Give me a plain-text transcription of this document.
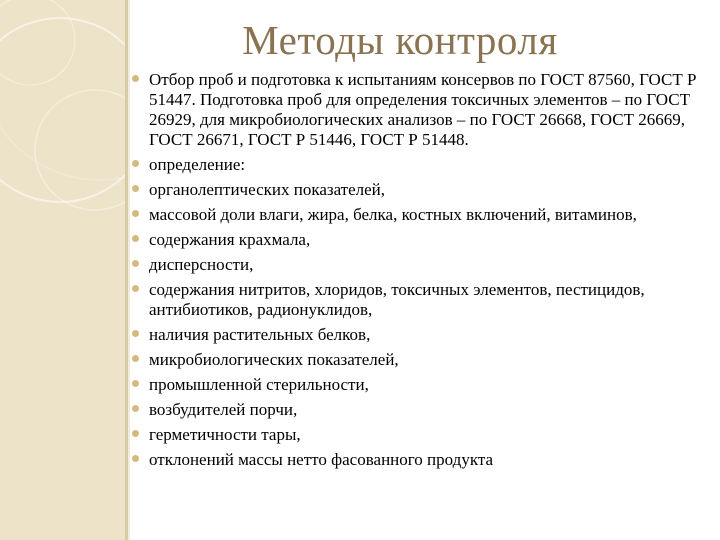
Методы контроля
Отбор проб и подготовка к испытаниям консервов по ГОСТ 87560, ГОСТ Р 51447. Подготовка проб для определения токсичных элементов – по ГОСТ 26929, для микробиологических анализов – по ГОСТ 26668, ГОСТ 26669, ГОСТ 26671, ГОСТ Р 51446, ГОСТ Р 51448.
определение:
органолептических показателей,
массовой доли влаги, жира, белка, костных включений, витаминов,
содержания крахмала,
дисперсности,
содержания нитритов, хлоридов, токсичных элементов, пестицидов, антибиотиков, радионуклидов,
наличия растительных белков,
микробиологических показателей,
промышленной стерильности,
возбудителей порчи,
герметичности тары,
отклонений массы нетто фасованного продукта
